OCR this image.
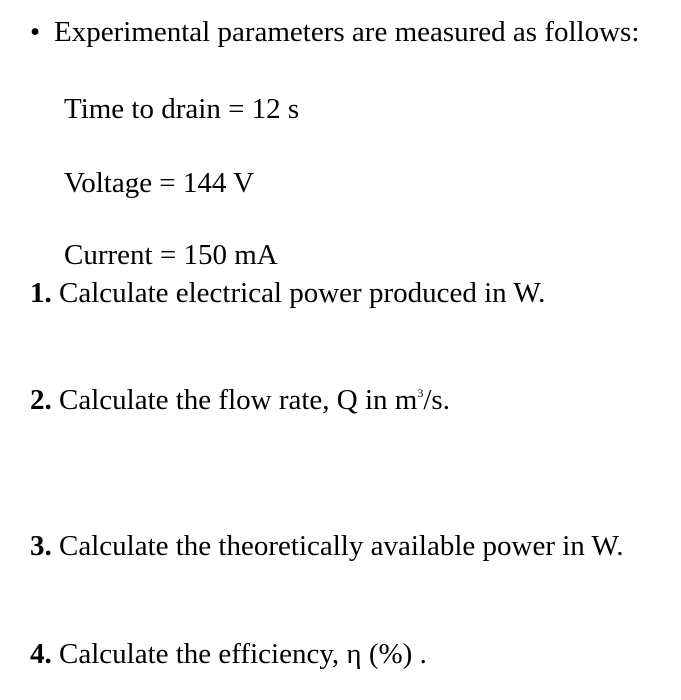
• Experimental parameters are measured as follows:
Time to drain = 12 s
Voltage = 144 V
Current = 150 mA
1. Calculate electrical power produced in W.
2. Calculate the flow rate, Q in $m^3/s$.
3. Calculate the theoretically available power in W.
4. Calculate the efficiency, η (%) .
